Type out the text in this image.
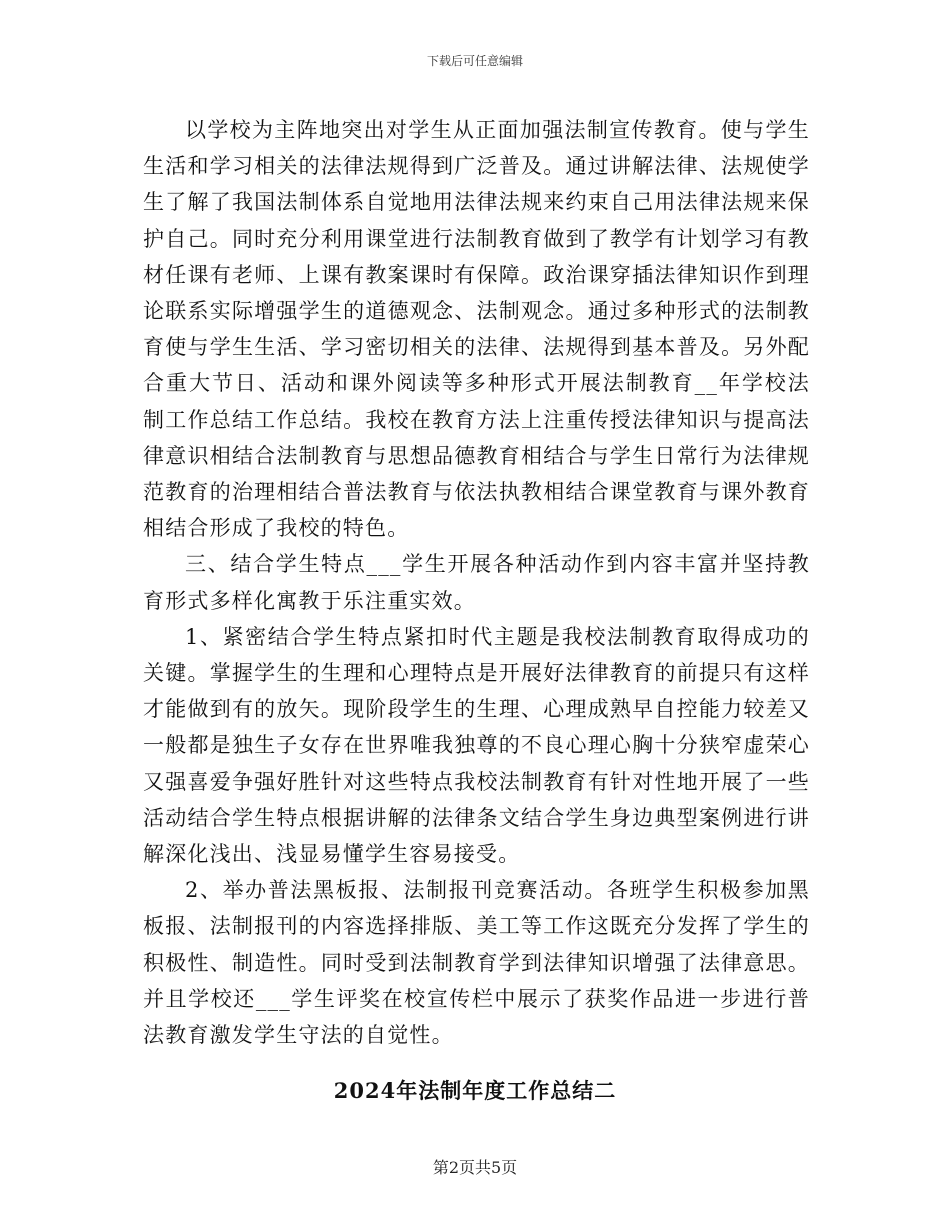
下载后可任意编辑

以学校为主阵地突出对学生从正面加强法制宣传教育。使与学生生活和学习相关的法律法规得到广泛普及。通过讲解法律、法规使学生了解了我国法制体系自觉地用法律法规来约束自己用法律法规来保护自己。同时充分利用课堂进行法制教育做到了教学有计划学习有教材任课有老师、上课有教案课时有保障。政治课穿插法律知识作到理论联系实际增强学生的道德观念、法制观念。通过多种形式的法制教育使与学生生活、学习密切相关的法律、法规得到基本普及。另外配合重大节日、活动和课外阅读等多种形式开展法制教育__年学校法制工作总结工作总结。我校在教育方法上注重传授法律知识与提高法律意识相结合法制教育与思想品德教育相结合与学生日常行为法律规范教育的治理相结合普法教育与依法执教相结合课堂教育与课外教育相结合形成了我校的特色。

三、结合学生特点___学生开展各种活动作到内容丰富并坚持教育形式多样化寓教于乐注重实效。

1、紧密结合学生特点紧扣时代主题是我校法制教育取得成功的关键。掌握学生的生理和心理特点是开展好法律教育的前提只有这样才能做到有的放矢。现阶段学生的生理、心理成熟早自控能力较差又一般都是独生子女存在世界唯我独尊的不良心理心胸十分狭窄虚荣心又强喜爱争强好胜针对这些特点我校法制教育有针对性地开展了一些活动结合学生特点根据讲解的法律条文结合学生身边典型案例进行讲解深化浅出、浅显易懂学生容易接受。

2、举办普法黑板报、法制报刊竞赛活动。各班学生积极参加黑板报、法制报刊的内容选择排版、美工等工作这既充分发挥了学生的积极性、制造性。同时受到法制教育学到法律知识增强了法律意思。并且学校还___学生评奖在校宣传栏中展示了获奖作品进一步进行普法教育激发学生守法的自觉性。

2024年法制年度工作总结二
第2页共5页
